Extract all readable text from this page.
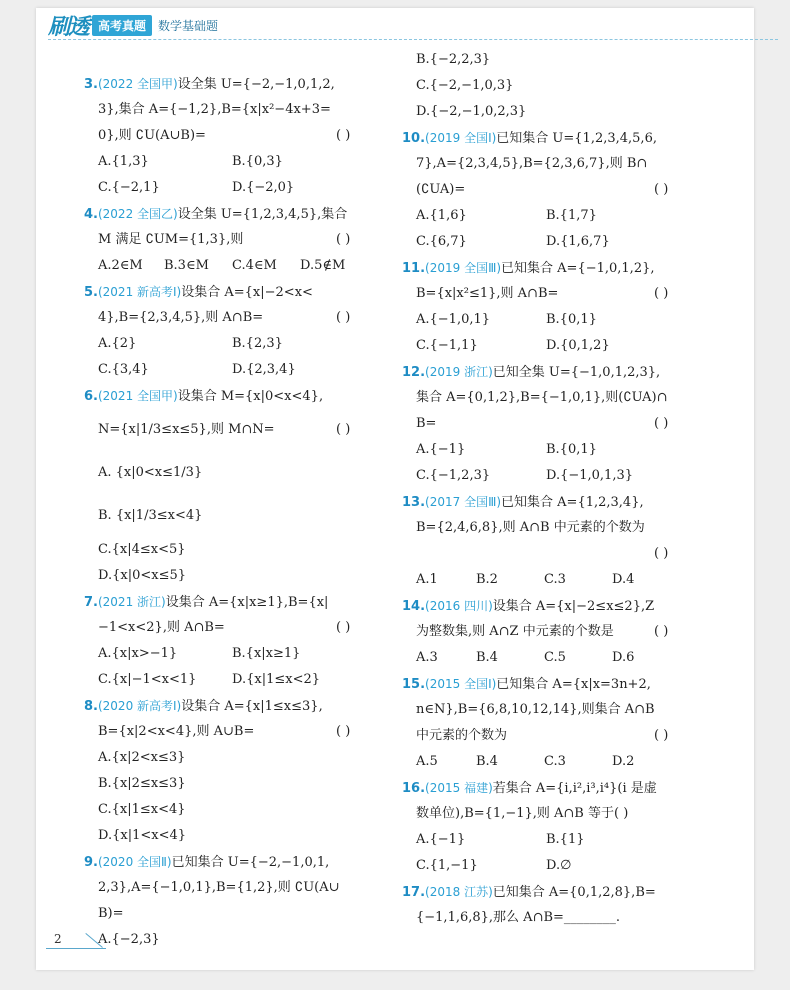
刷透 高考真题	数学基础题
3.(2022 全国甲)设全集 U={−2,−1,0,1,2,
3},集合 A={−1,2},B={x|x²−4x+3=
0},则 ∁U(A∪B)=	( )
A.{1,3}	B.{0,3}
C.{−2,1}	D.{−2,0}
4.(2022 全国乙)设全集 U={1,2,3,4,5},集合
M 满足 ∁UM={1,3},则	( )
A.2∈M B.3∈M C.4∈M D.5∉M
5.(2021 新高考Ⅰ)设集合 A={x|−2<x<
4},B={2,3,4,5},则 A∩B=	( )
A.{2}	B.{2,3}
C.{3,4}	D.{2,3,4}
6.(2021 全国甲)设集合 M={x|0<x<4},
N={x|1/3≤x≤5},则 M∩N=	( )
A. {x|0<x≤1/3}
B. {x|1/3≤x<4}
C.{x|4≤x<5}
D.{x|0<x≤5}
7.(2021 浙江)设集合 A={x|x≥1},B={x|
−1<x<2},则 A∩B=	( )
A.{x|x>−1}	B.{x|x≥1}
C.{x|−1<x<1}	D.{x|1≤x<2}
8.(2020 新高考Ⅰ)设集合 A={x|1≤x≤3},
B={x|2<x<4},则 A∪B=	( )
A.{x|2<x≤3}
B.{x|2≤x≤3}
C.{x|1≤x<4}
D.{x|1<x<4}
9.(2020 全国Ⅱ)已知集合 U={−2,−1,0,1,
2,3},A={−1,0,1},B={1,2},则 ∁U(A∪
B)=
A.{−2,3}
B.{−2,2,3}
C.{−2,−1,0,3}
D.{−2,−1,0,2,3}
10.(2019 全国Ⅰ)已知集合 U={1,2,3,4,5,6,
7},A={2,3,4,5},B={2,3,6,7},则 B∩
(∁UA)=	( )
A.{1,6}	B.{1,7}
C.{6,7}	D.{1,6,7}
11.(2019 全国Ⅲ)已知集合 A={−1,0,1,2},
B={x|x²≤1},则 A∩B=	( )
A.{−1,0,1}	B.{0,1}
C.{−1,1}	D.{0,1,2}
12.(2019 浙江)已知全集 U={−1,0,1,2,3},
集合 A={0,1,2},B={−1,0,1},则(∁UA)∩
B=	( )
A.{−1}	B.{0,1}
C.{−1,2,3}	D.{−1,0,1,3}
13.(2017 全国Ⅲ)已知集合 A={1,2,3,4},
B={2,4,6,8},则 A∩B 中元素的个数为
( )
A.1	B.2	C.3	D.4
14.(2016 四川)设集合 A={x|−2≤x≤2},Z
为整数集,则 A∩Z 中元素的个数是	( )
A.3	B.4	C.5	D.6
15.(2015 全国Ⅰ)已知集合 A={x|x=3n+2,
n∈N},B={6,8,10,12,14},则集合 A∩B
中元素的个数为	( )
A.5	B.4	C.3	D.2
16.(2015 福建)若集合 A={i,i²,i³,i⁴}(i 是虚
数单位),B={1,−1},则 A∩B 等于( )
A.{−1}	B.{1}
C.{1,−1}	D.∅
17.(2018 江苏)已知集合 A={0,1,2,8},B=
{−1,1,6,8},那么 A∩B=________.
2
